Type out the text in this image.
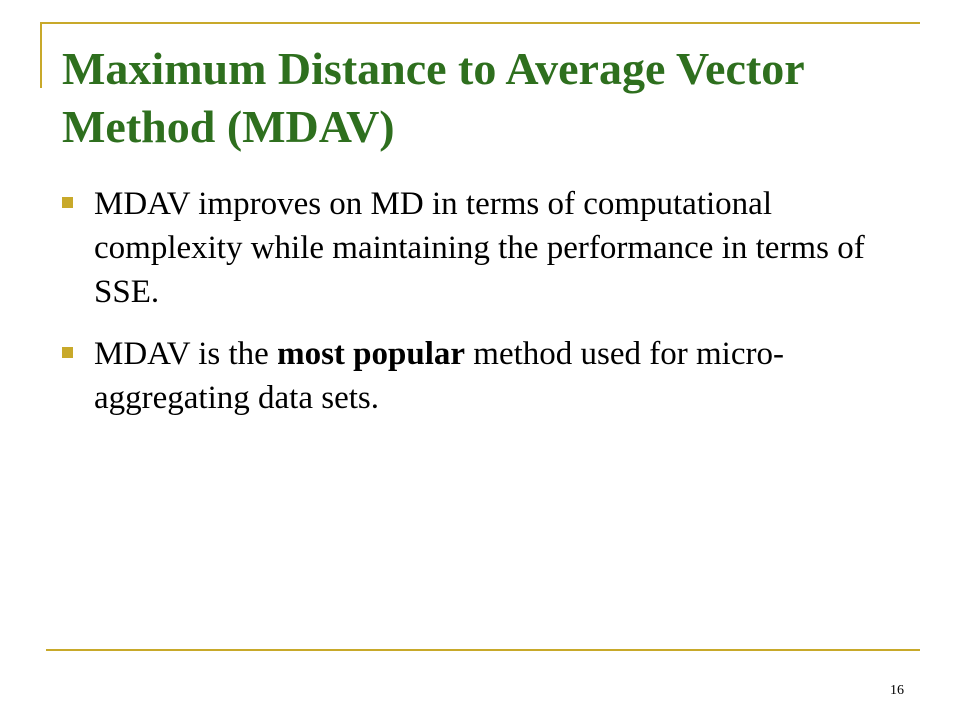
Maximum Distance to Average Vector Method (MDAV)
MDAV improves on MD in terms of computational complexity while maintaining the performance in terms of SSE.
MDAV is the most popular method used for micro-aggregating data sets.
16
